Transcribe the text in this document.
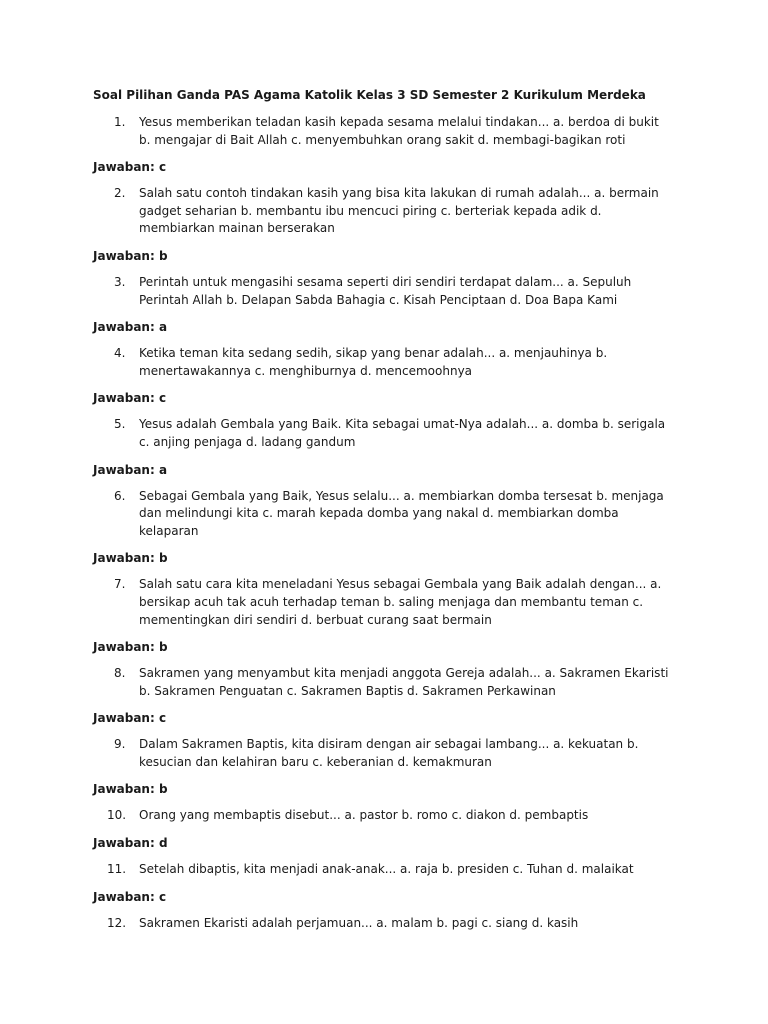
Soal Pilihan Ganda PAS Agama Katolik Kelas 3 SD Semester 2 Kurikulum Merdeka
1. Yesus memberikan teladan kasih kepada sesama melalui tindakan... a. berdoa di bukit b. mengajar di Bait Allah c. menyembuhkan orang sakit d. membagi-bagikan roti
Jawaban: c
2. Salah satu contoh tindakan kasih yang bisa kita lakukan di rumah adalah... a. bermain gadget seharian b. membantu ibu mencuci piring c. berteriak kepada adik d. membiarkan mainan berserakan
Jawaban: b
3. Perintah untuk mengasihi sesama seperti diri sendiri terdapat dalam... a. Sepuluh Perintah Allah b. Delapan Sabda Bahagia c. Kisah Penciptaan d. Doa Bapa Kami
Jawaban: a
4. Ketika teman kita sedang sedih, sikap yang benar adalah... a. menjauhinya b. menertawakannya c. menghiburnya d. mencemoohnya
Jawaban: c
5. Yesus adalah Gembala yang Baik. Kita sebagai umat-Nya adalah... a. domba b. serigala c. anjing penjaga d. ladang gandum
Jawaban: a
6. Sebagai Gembala yang Baik, Yesus selalu... a. membiarkan domba tersesat b. menjaga dan melindungi kita c. marah kepada domba yang nakal d. membiarkan domba kelaparan
Jawaban: b
7. Salah satu cara kita meneladani Yesus sebagai Gembala yang Baik adalah dengan... a. bersikap acuh tak acuh terhadap teman b. saling menjaga dan membantu teman c. mementingkan diri sendiri d. berbuat curang saat bermain
Jawaban: b
8. Sakramen yang menyambut kita menjadi anggota Gereja adalah... a. Sakramen Ekaristi b. Sakramen Penguatan c. Sakramen Baptis d. Sakramen Perkawinan
Jawaban: c
9. Dalam Sakramen Baptis, kita disiram dengan air sebagai lambang... a. kekuatan b. kesucian dan kelahiran baru c. keberanian d. kemakmuran
Jawaban: b
10. Orang yang membaptis disebut... a. pastor b. romo c. diakon d. pembaptis
Jawaban: d
11. Setelah dibaptis, kita menjadi anak-anak... a. raja b. presiden c. Tuhan d. malaikat
Jawaban: c
12. Sakramen Ekaristi adalah perjamuan... a. malam b. pagi c. siang d. kasih
